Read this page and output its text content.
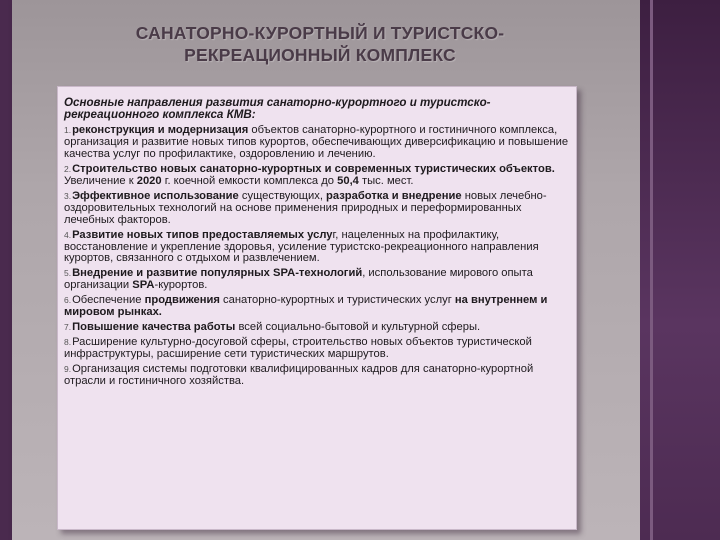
САНАТОРНО-КУРОРТНЫЙ И ТУРИСТСКО-
РЕКРЕАЦИОННЫЙ КОМПЛЕКС
Основные направления развития санаторно-курортного и туристско-рекреационного комплекса КМВ:
1.реконструкция и модернизация объектов санаторно-курортного и гостиничного комплекса, организация и развитие новых типов курортов, обеспечивающих диверсификацию и повышение качества услуг по профилактике, оздоровлению и лечению.
2.Строительство новых санаторно-курортных и современных туристических объектов. Увеличение к 2020 г. коечной емкости комплекса до 50,4 тыс. мест.
3.Эффективное использование существующих, разработка и внедрение новых лечебно-оздоровительных технологий на основе применения природных и переформированных лечебных факторов.
4.Развитие новых типов предоставляемых услуг, нацеленных на профилактику, восстановление и укрепление здоровья, усиление туристско-рекреационного направления курортов, связанного с отдыхом и развлечением.
5.Внедрение и развитие популярных SPA-технологий, использование мирового опыта организации SPA-курортов.
6.Обеспечение продвижения санаторно-курортных и туристических услуг на внутреннем и мировом рынках.
7.Повышение качества работы всей социально-бытовой и культурной сферы.
8.Расширение культурно-досуговой сферы, строительство новых объектов туристической инфраструктуры, расширение сети туристических маршрутов.
9.Организация системы подготовки квалифицированных кадров для санаторно-курортной отрасли и гостиничного хозяйства.
